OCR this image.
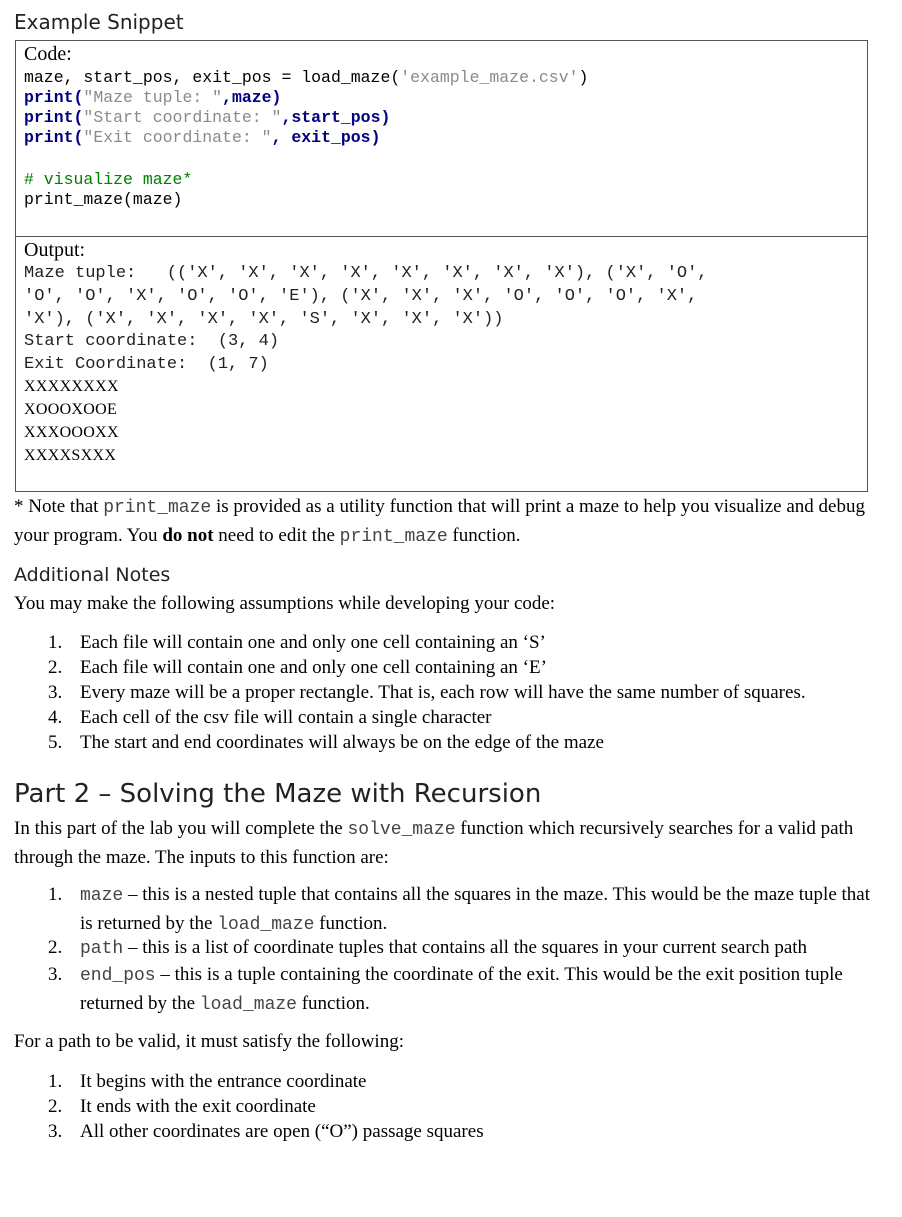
Example Snippet
Code:
maze, start_pos, exit_pos = load_maze('example_maze.csv')
print("Maze tuple: ",maze)
print("Start coordinate: ",start_pos)
print("Exit coordinate: ", exit_pos)
# visualize maze*
print_maze(maze)
Output:
Maze tuple:   (('X', 'X', 'X', 'X', 'X', 'X', 'X', 'X'), ('X', 'O',
'O', 'O', 'X', 'O', 'O', 'E'), ('X', 'X', 'X', 'O', 'O', 'O', 'X',
'X'), ('X', 'X', 'X', 'X', 'S', 'X', 'X', 'X'))
Start coordinate:  (3, 4)
Exit Coordinate:  (1, 7)
XXXXXXXX
XOOOXOOE
XXXOOOXX
XXXXSXXX
* Note that print_maze is provided as a utility function that will print a maze to help you visualize and debug your program. You do not need to edit the print_maze function.
Additional Notes
You may make the following assumptions while developing your code:
1. Each file will contain one and only one cell containing an ‘S’
2. Each file will contain one and only one cell containing an ‘E’
3. Every maze will be a proper rectangle. That is, each row will have the same number of squares.
4. Each cell of the csv file will contain a single character
5. The start and end coordinates will always be on the edge of the maze
Part 2 – Solving the Maze with Recursion
In this part of the lab you will complete the solve_maze function which recursively searches for a valid path through the maze. The inputs to this function are:
1. maze – this is a nested tuple that contains all the squares in the maze. This would be the maze tuple that is returned by the load_maze function.
2. path – this is a list of coordinate tuples that contains all the squares in your current search path
3. end_pos – this is a tuple containing the coordinate of the exit. This would be the exit position tuple returned by the load_maze function.
For a path to be valid, it must satisfy the following:
1. It begins with the entrance coordinate
2. It ends with the exit coordinate
3. All other coordinates are open (“O”) passage squares
